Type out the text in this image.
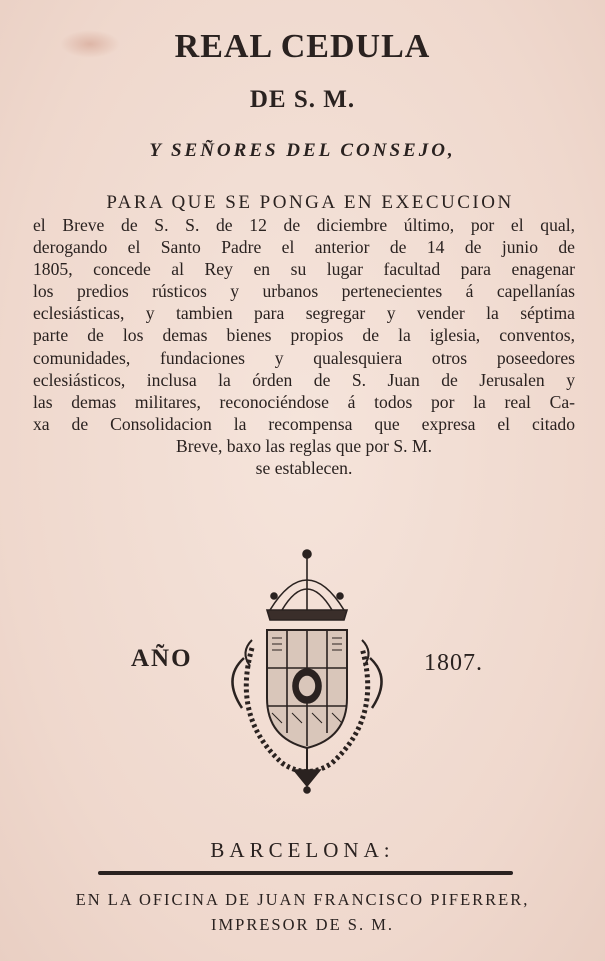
REAL CEDULA
DE S. M.
Y SEÑORES DEL CONSEJO,
PARA QUE SE PONGA EN EXECUCION
el Breve de S. S. de 12 de diciembre último, por el qual,
derogando el Santo Padre el anterior de 14 de junio de
1805, concede al Rey en su lugar facultad para enagenar
los predios rústicos y urbanos pertenecientes á capellanías
eclesiásticas, y tambien para segregar y vender la séptima
parte de los demas bienes propios de la iglesia, conventos,
comunidades, fundaciones y qualesquiera otros poseedores
eclesiásticos, inclusa la órden de S. Juan de Jerusalen y
las demas militares, reconociéndose á todos por la real Ca-
xa de Consolidacion la recompensa que expresa el citado
Breve, baxo las reglas que por S. M.
se establecen.
AÑO	1807.
BARCELONA:
EN LA OFICINA DE JUAN FRANCISCO PIFERRER,
IMPRESOR DE S. M.
